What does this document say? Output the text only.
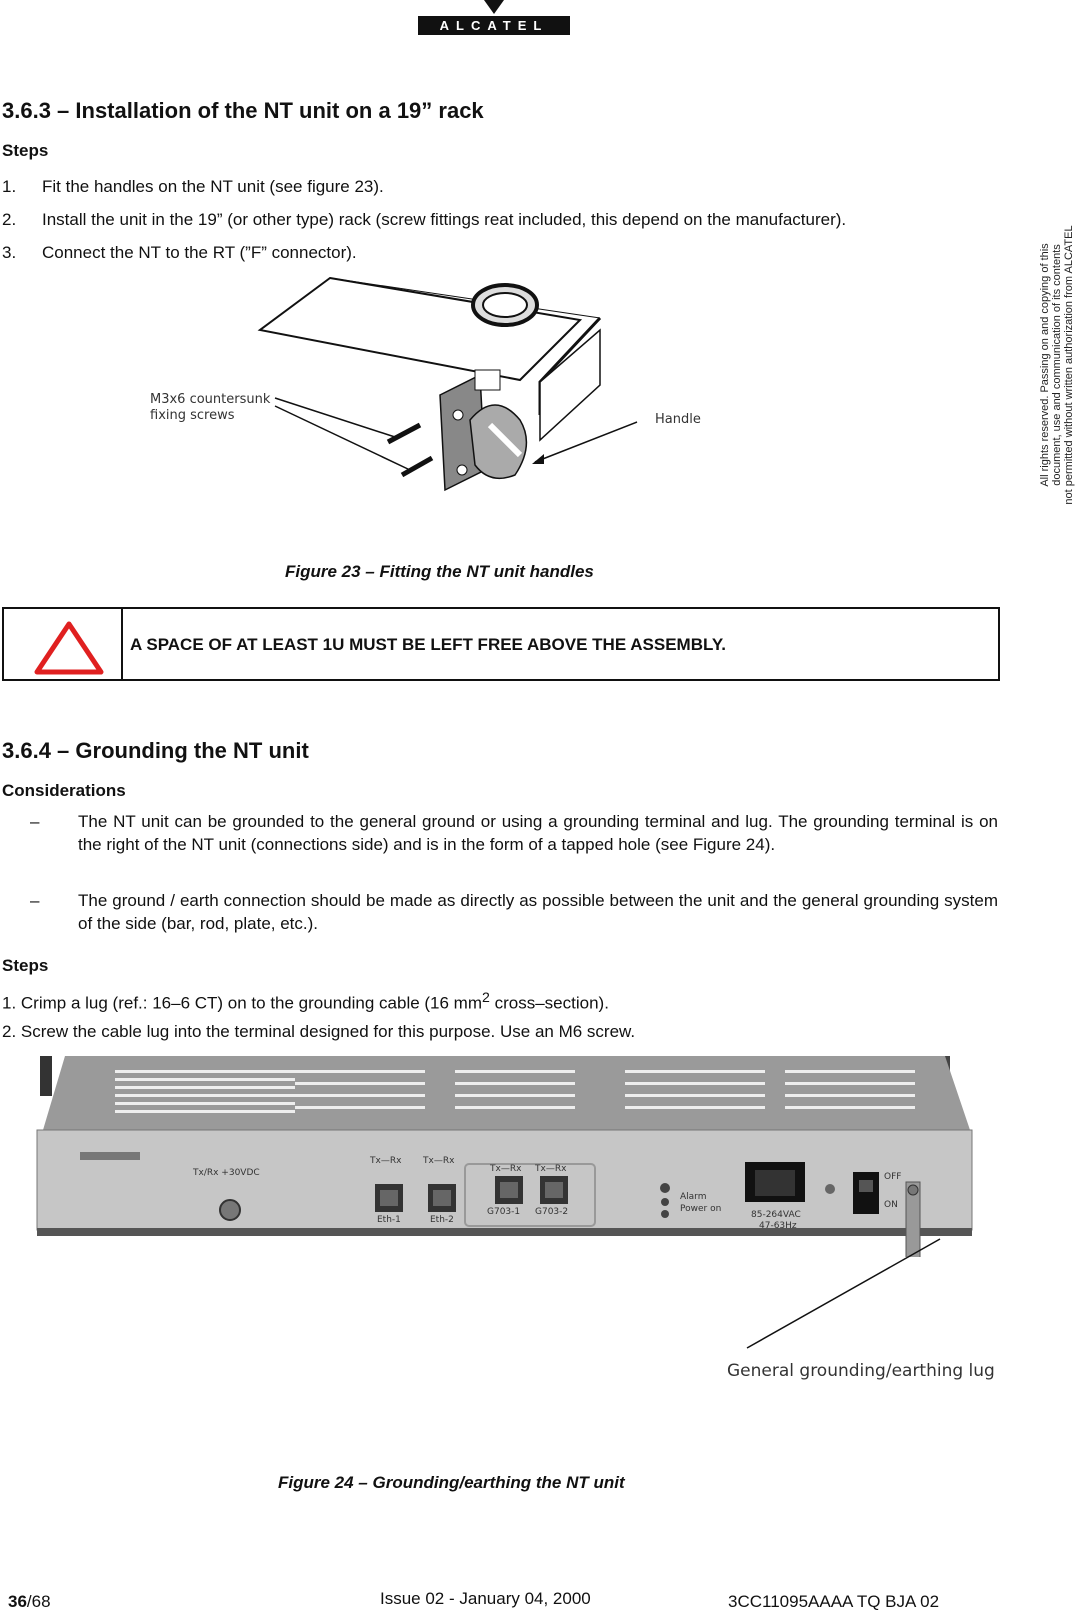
ALCATEL
All rights reserved. Passing on and copying of this document, use and communication of its contents not permitted without written authorization from ALCATEL
3.6.3 – Installation of the NT unit on a 19” rack
Steps
1. Fit the handles on the NT unit (see figure 23).
2. Install the unit in the 19” (or other type) rack (screw fittings reat included, this depend on the manufacturer).
3. Connect the NT to the RT (”F” connector).
M3x6 countersunk
fixing screws	Handle
Figure 23 – Fitting the NT unit handles
A SPACE OF AT LEAST 1U MUST BE LEFT FREE ABOVE THE ASSEMBLY.
3.6.4 – Grounding the NT unit
Considerations
– The NT unit can be grounded to the general ground or using a grounding terminal and lug. The grounding terminal is on the right of the NT unit (connections side) and is in the form of a tapped hole (see Figure 24).
– The ground / earth connection should be made as directly as possible between the unit and the general grounding system of the side (bar, rod, plate, etc.).
Steps
1. Crimp a lug (ref.: 16–6 CT) on to the grounding cable (16 $mm^2$ cross–section).
2. Screw the cable lug into the terminal designed for this purpose. Use an M6 screw.
Tx/Rx +30VDC
Tx—Rx Tx—Rx
Eth-1	Eth-2
Tx—Rx Tx—Rx
G703-1 G703-2
Alarm
Power on
85-264VAC
47-63Hz
OFF
ON
General grounding/earthing lug
Figure 24 – Grounding/earthing the NT unit
36/68	Issue 02 - January 04, 2000	3CC11095AAAA TQ BJA 02
